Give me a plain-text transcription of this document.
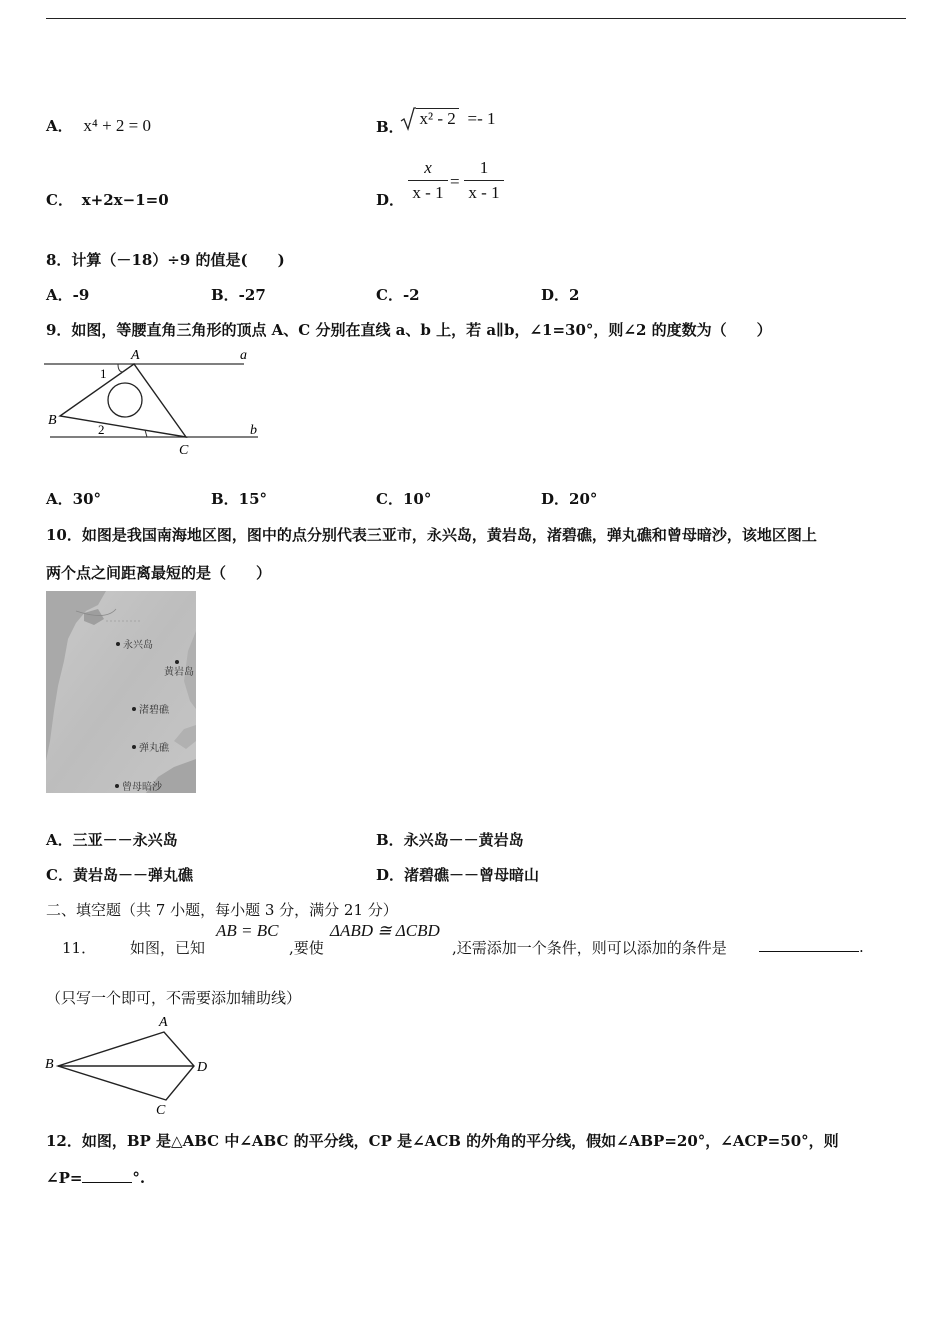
A． x⁴ + 2 = 0	B． x² - 2 =- 1
C． x+2x−1=0	D．
x
x - 1
=
1
x - 1
8．计算（－18）÷9 的值是(　　)
A．-9	B．-27	C．-2	D．2
9．如图，等腰直角三角形的顶点 A、C 分别在直线 a、b 上，若 a∥b，∠1=30°，则∠2 的度数为（　　）
A	a
1
B
2
C
b
A．30°	B．15°	C．10°	D．20°
10．如图是我国南海地区图，图中的点分别代表三亚市，永兴岛，黄岩岛，渚碧礁，弹丸礁和曾母暗沙，该地区图上
两个点之间距离最短的是（　　）
永兴岛
黄岩岛
渚碧礁
弹丸礁
曾母暗沙
A．三亚－－永兴岛	B．永兴岛－－黄岩岛
C．黄岩岛－－弹丸礁	D．渚碧礁－－曾母暗山
二、填空题（共 7 小题，每小题 3 分，满分 21 分）
11． 如图，已知
AB = BC
,要使
ΔABD ≅ ΔCBD
,还需添加一个条件，则可以添加的条件是	.
（只写一个即可，不需要添加辅助线）
A
B	D
C
12．如图，BP 是△ABC 中∠ABC 的平分线，CP 是∠ACB 的外角的平分线，假如∠ABP=20°，∠ACP=50°，则
∠P=	°.
